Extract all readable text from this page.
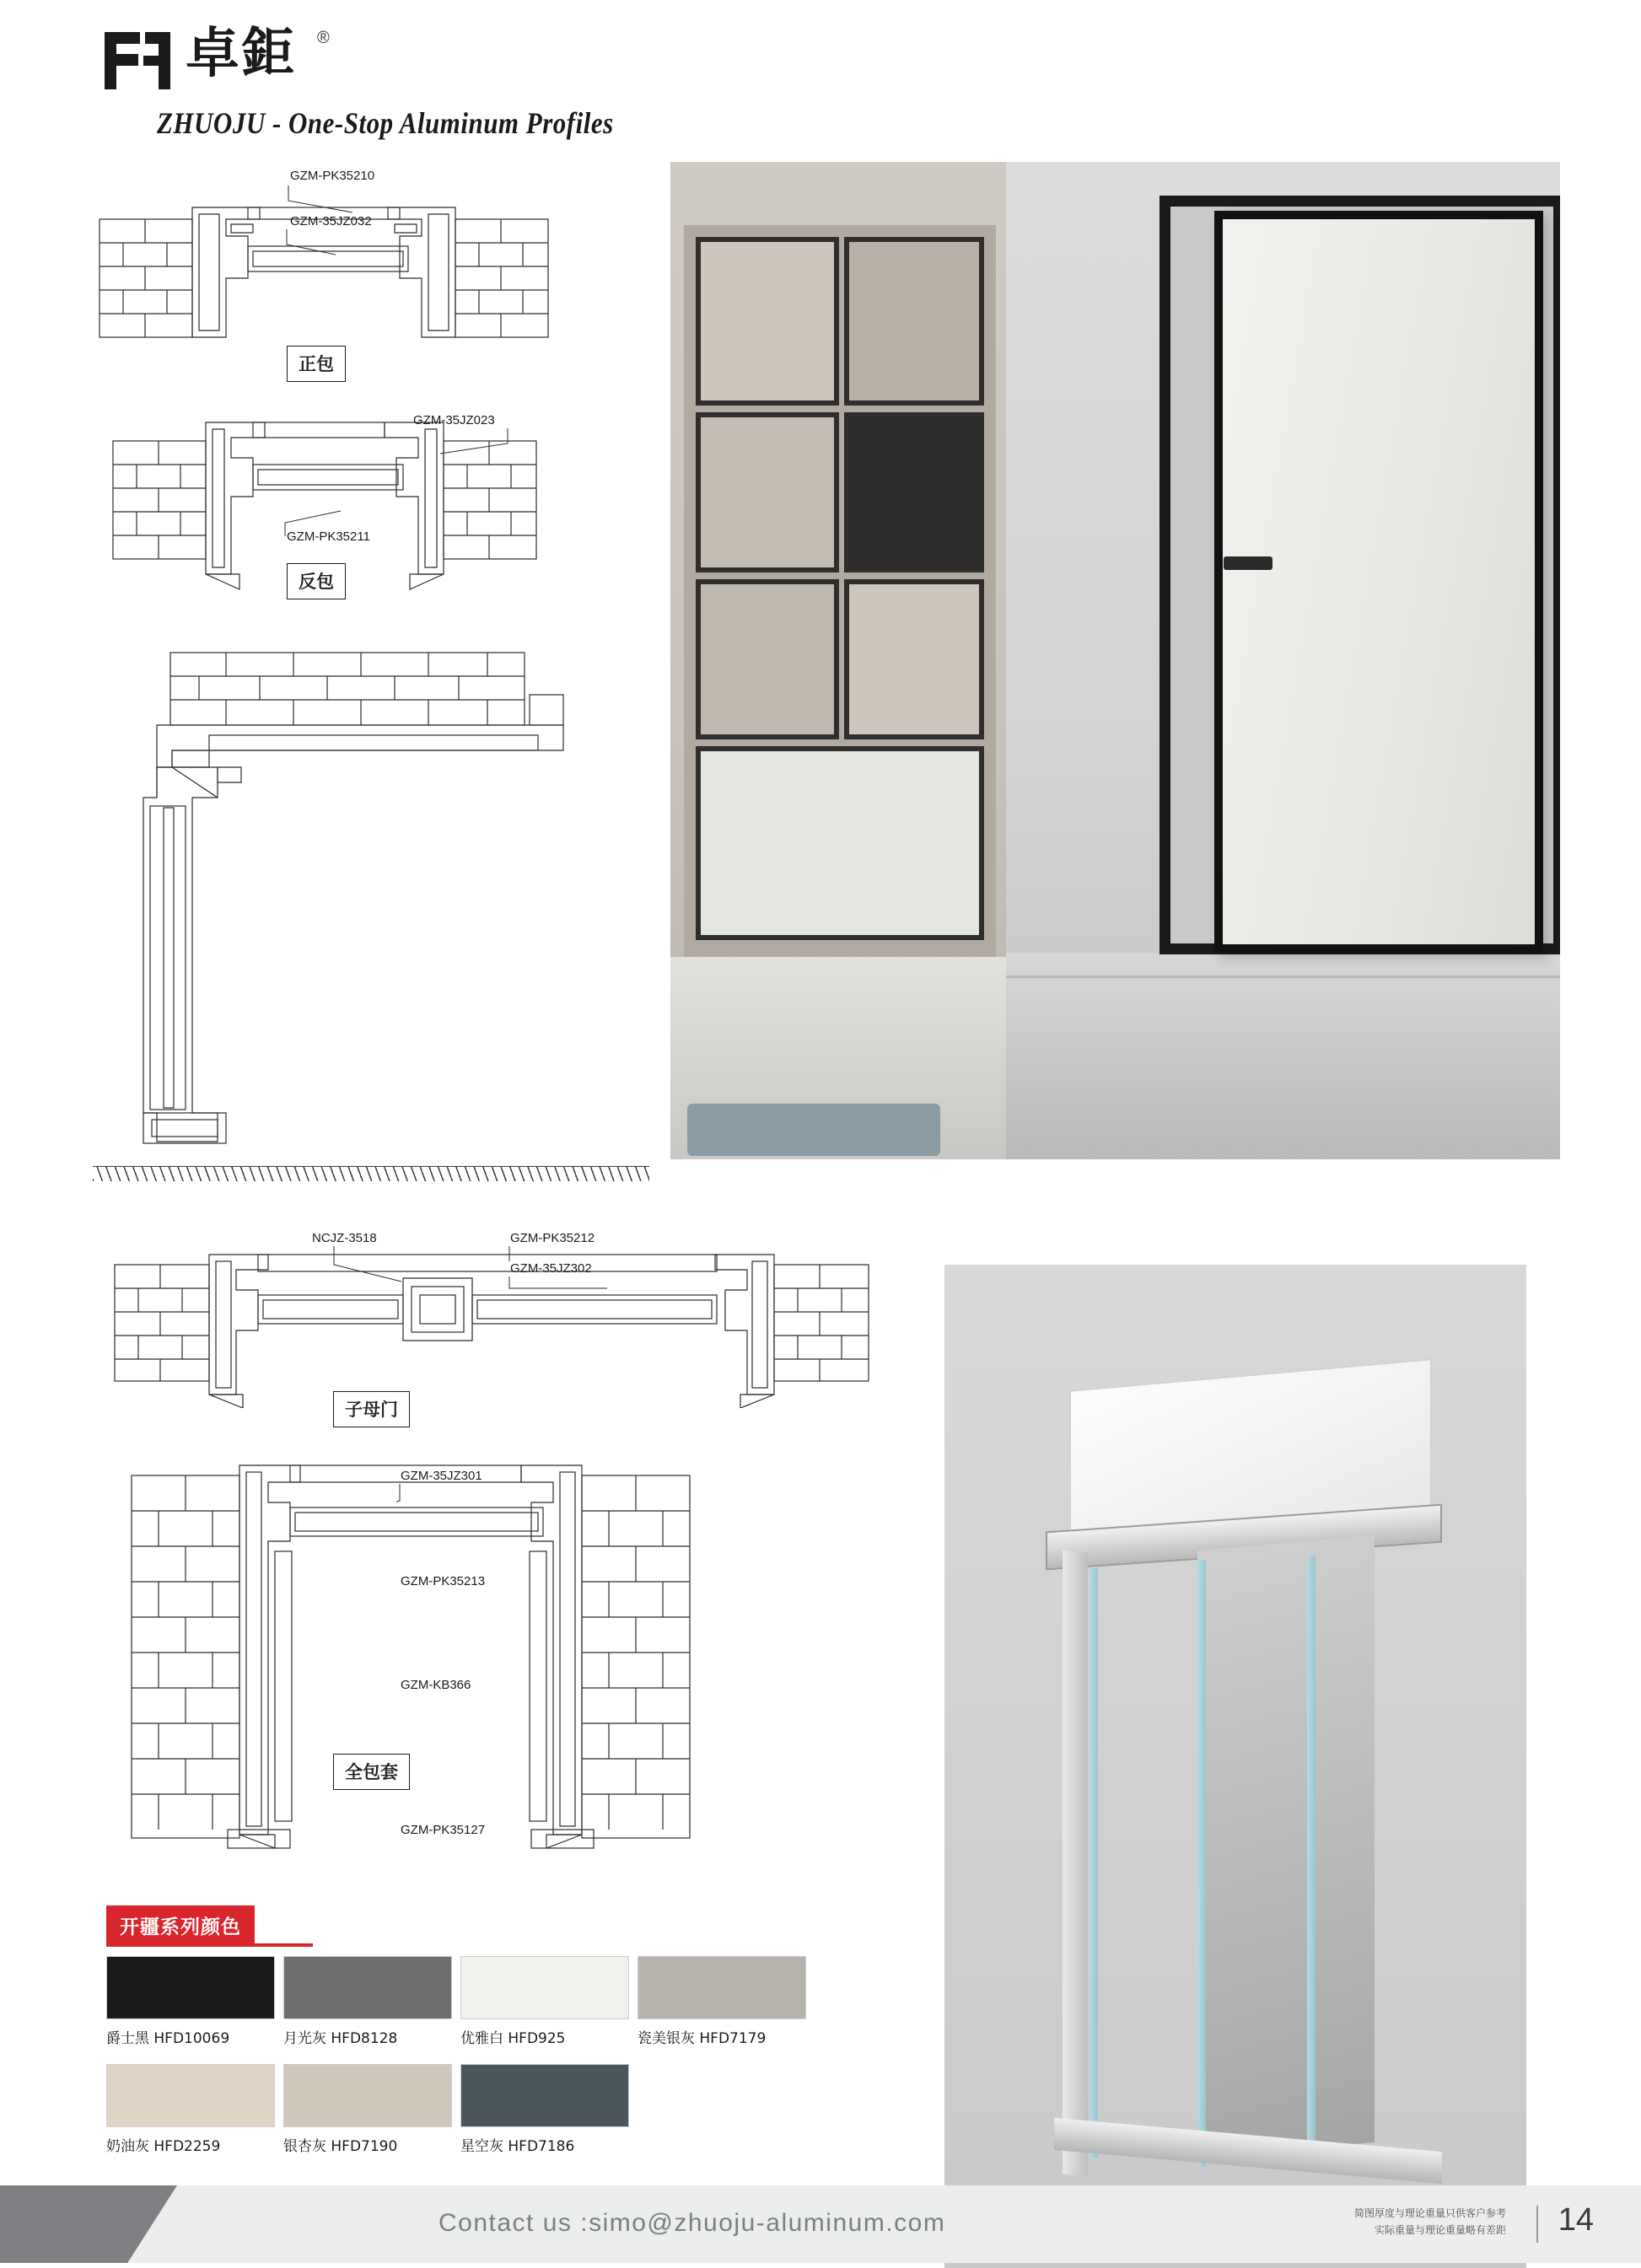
卓鉅 ®
ZHUOJU - One-Stop Aluminum Profiles
GZM-PK35210
GZM-35JZ032
正包
GZM-35JZ023
GZM-PK35211
反包
NCJZ-3518	GZM-PK35212
GZM-35JZ302
子母门
GZM-35JZ301
GZM-PK35213
GZM-KB366
GZM-PK35127
全包套
开疆系列颜色
爵士黑 HFD10069	月光灰 HFD8128	优雅白 HFD925	瓷美银灰 HFD7179
奶油灰 HFD2259	银杏灰 HFD7190	星空灰 HFD7186
Contact us :simo@zhuoju-aluminum.com	简图厚度与理论重量只供客户参考
实际重量与理论重量略有差距 14
